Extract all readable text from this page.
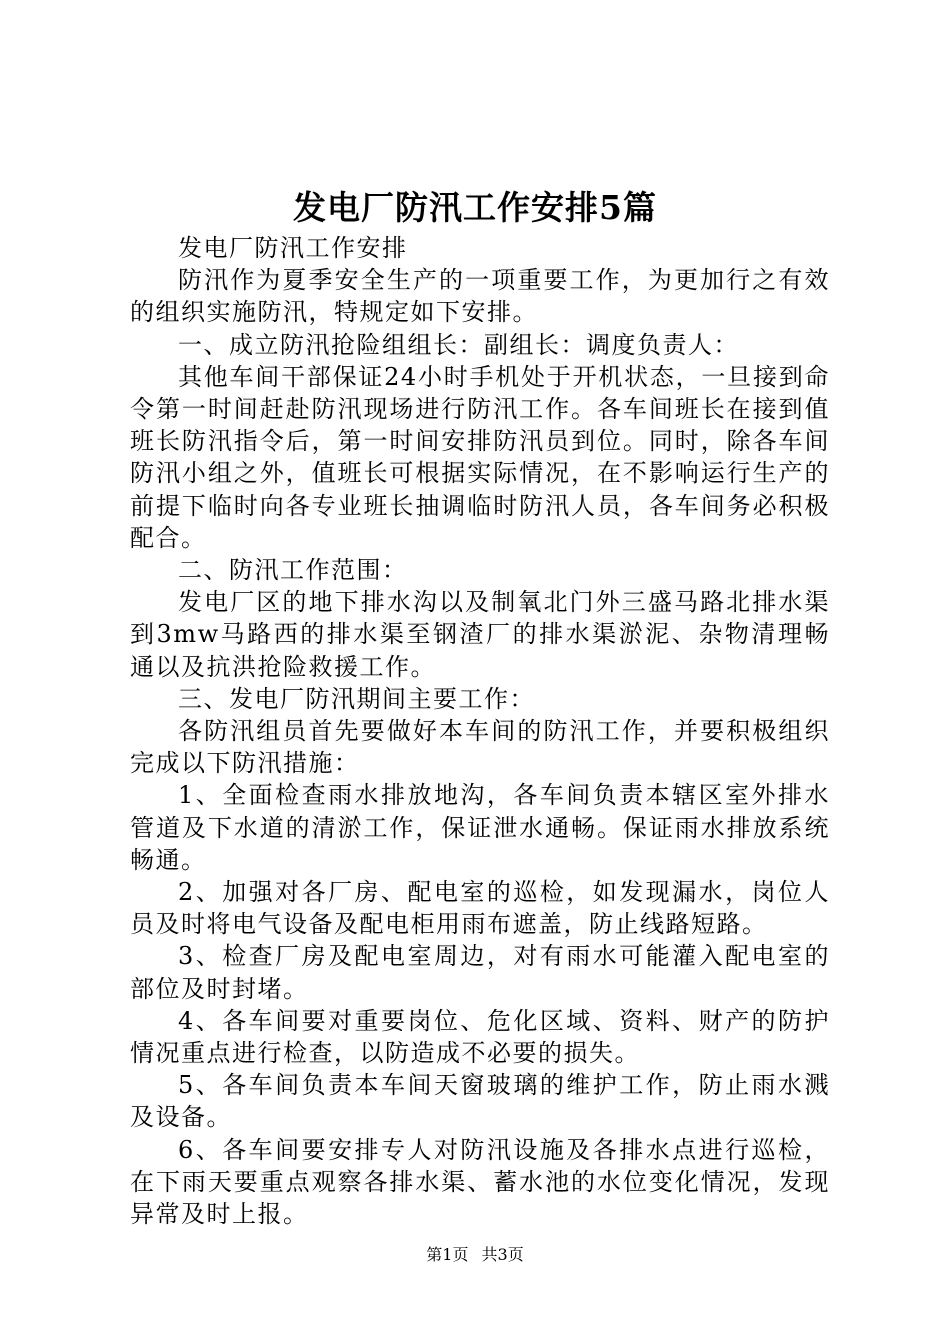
发电厂防汛工作安排5篇

发电厂防汛工作安排

防汛作为夏季安全生产的一项重要工作，为更加行之有效的组织实施防汛，特规定如下安排。

一、成立防汛抢险组组长：副组长：调度负责人：

其他车间干部保证24小时手机处于开机状态，一旦接到命令第一时间赶赴防汛现场进行防汛工作。各车间班长在接到值班长防汛指令后，第一时间安排防汛员到位。同时，除各车间防汛小组之外，值班长可根据实际情况，在不影响运行生产的前提下临时向各专业班长抽调临时防汛人员，各车间务必积极配合。

二、防汛工作范围：

发电厂区的地下排水沟以及制氧北门外三盛马路北排水渠到3mw马路西的排水渠至钢渣厂的排水渠淤泥、杂物清理畅通以及抗洪抢险救援工作。

三、发电厂防汛期间主要工作：

各防汛组员首先要做好本车间的防汛工作，并要积极组织完成以下防汛措施：

1、全面检查雨水排放地沟，各车间负责本辖区室外排水管道及下水道的清淤工作，保证泄水通畅。保证雨水排放系统畅通。

2、加强对各厂房、配电室的巡检，如发现漏水，岗位人员及时将电气设备及配电柜用雨布遮盖，防止线路短路。

3、检查厂房及配电室周边，对有雨水可能灌入配电室的部位及时封堵。

4、各车间要对重要岗位、危化区域、资料、财产的防护情况重点进行检查，以防造成不必要的损失。

5、各车间负责本车间天窗玻璃的维护工作，防止雨水溅及设备。

6、各车间要安排专人对防汛设施及各排水点进行巡检，在下雨天要重点观察各排水渠、蓄水池的水位变化情况，发现异常及时上报。

第1页 共3页
